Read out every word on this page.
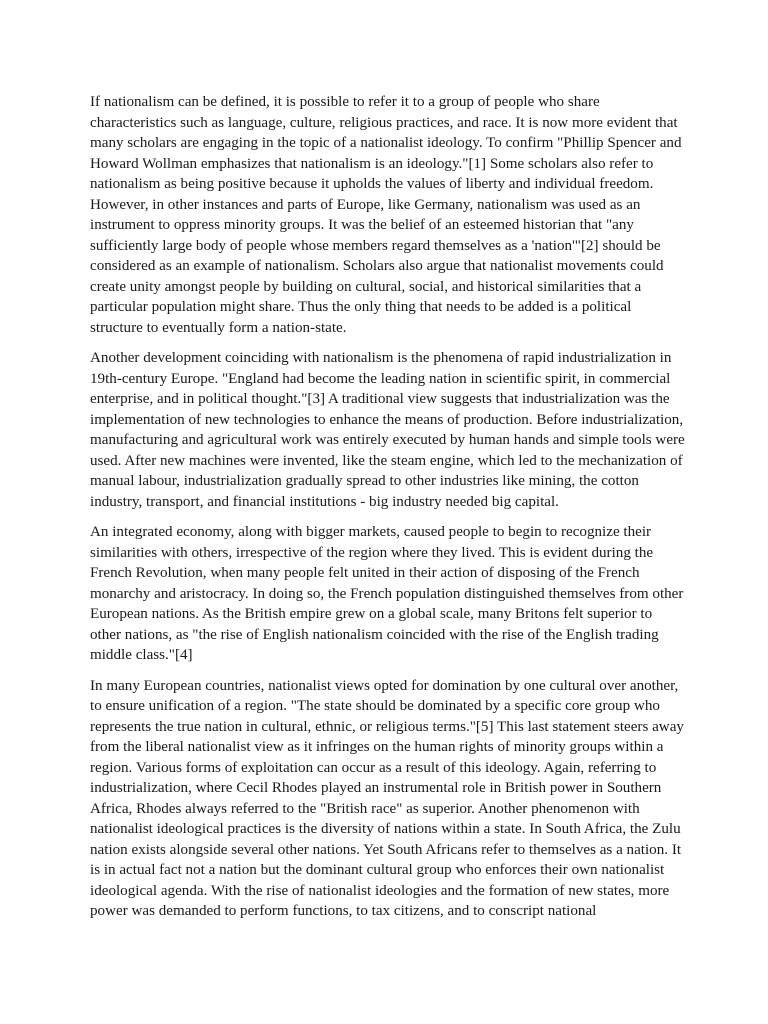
If nationalism can be defined, it is possible to refer it to a group of people who share characteristics such as language, culture, religious practices, and race. It is now more evident that many scholars are engaging in the topic of a nationalist ideology. To confirm "Phillip Spencer and Howard Wollman emphasizes that nationalism is an ideology."[1] Some scholars also refer to nationalism as being positive because it upholds the values of liberty and individual freedom. However, in other instances and parts of Europe, like Germany, nationalism was used as an instrument to oppress minority groups. It was the belief of an esteemed historian that "any sufficiently large body of people whose members regard themselves as a 'nation'"[2] should be considered as an example of nationalism. Scholars also argue that nationalist movements could create unity amongst people by building on cultural, social, and historical similarities that a particular population might share. Thus the only thing that needs to be added is a political structure to eventually form a nation-state.

Another development coinciding with nationalism is the phenomena of rapid industrialization in 19th-century Europe. "England had become the leading nation in scientific spirit, in commercial enterprise, and in political thought."[3] A traditional view suggests that industrialization was the implementation of new technologies to enhance the means of production. Before industrialization, manufacturing and agricultural work was entirely executed by human hands and simple tools were used. After new machines were invented, like the steam engine, which led to the mechanization of manual labour, industrialization gradually spread to other industries like mining, the cotton industry, transport, and financial institutions - big industry needed big capital.

An integrated economy, along with bigger markets, caused people to begin to recognize their similarities with others, irrespective of the region where they lived. This is evident during the French Revolution, when many people felt united in their action of disposing of the French monarchy and aristocracy. In doing so, the French population distinguished themselves from other European nations. As the British empire grew on a global scale, many Britons felt superior to other nations, as "the rise of English nationalism coincided with the rise of the English trading middle class."[4]

In many European countries, nationalist views opted for domination by one cultural over another, to ensure unification of a region. "The state should be dominated by a specific core group who represents the true nation in cultural, ethnic, or religious terms."[5] This last statement steers away from the liberal nationalist view as it infringes on the human rights of minority groups within a region. Various forms of exploitation can occur as a result of this ideology. Again, referring to industrialization, where Cecil Rhodes played an instrumental role in British power in Southern Africa, Rhodes always referred to the "British race" as superior. Another phenomenon with nationalist ideological practices is the diversity of nations within a state. In South Africa, the Zulu nation exists alongside several other nations. Yet South Africans refer to themselves as a nation. It is in actual fact not a nation but the dominant cultural group who enforces their own nationalist ideological agenda. With the rise of nationalist ideologies and the formation of new states, more power was demanded to perform functions, to tax citizens, and to conscript national
